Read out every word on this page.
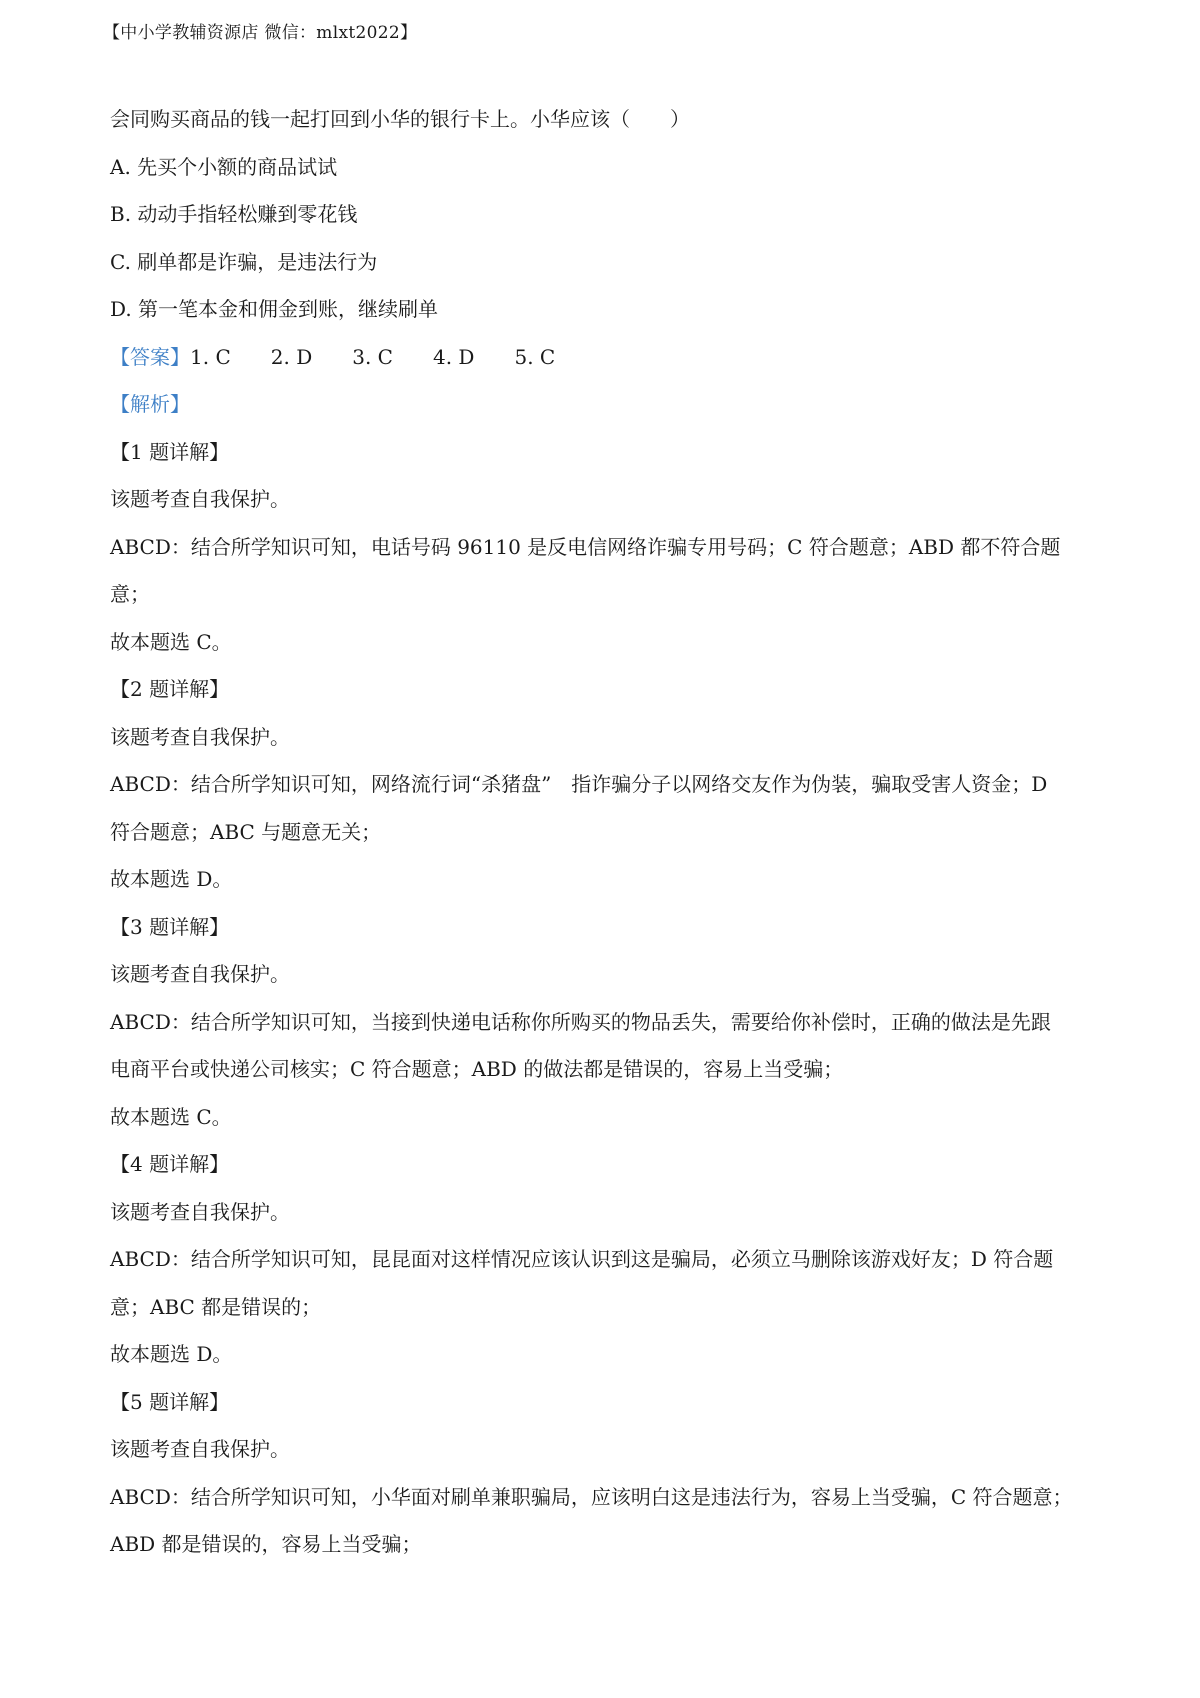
【中小学教辅资源店 微信：mlxt2022】
会同购买商品的钱一起打回到小华的银行卡上。小华应该（　　）
A. 先买个小额的商品试试
B. 动动手指轻松赚到零花钱
C. 刷单都是诈骗，是违法行为
D. 第一笔本金和佣金到账，继续刷单
【答案】1. C 2. D 3. C 4. D 5. C
【解析】
【1 题详解】
该题考查自我保护。
ABCD：结合所学知识可知，电话号码 96110 是反电信网络诈骗专用号码；C 符合题意；ABD 都不符合题
意；
故本题选 C。
【2 题详解】
该题考查自我保护。
ABCD：结合所学知识可知，网络流行词“杀猪盘”　指诈骗分子以网络交友作为伪装，骗取受害人资金；D
符合题意；ABC 与题意无关；
故本题选 D。
【3 题详解】
该题考查自我保护。
ABCD：结合所学知识可知，当接到快递电话称你所购买的物品丢失，需要给你补偿时，正确的做法是先跟
电商平台或快递公司核实；C 符合题意；ABD 的做法都是错误的，容易上当受骗；
故本题选 C。
【4 题详解】
该题考查自我保护。
ABCD：结合所学知识可知，昆昆面对这样情况应该认识到这是骗局，必须立马删除该游戏好友；D 符合题
意；ABC 都是错误的；
故本题选 D。
【5 题详解】
该题考查自我保护。
ABCD：结合所学知识可知，小华面对刷单兼职骗局，应该明白这是违法行为，容易上当受骗，C 符合题意；
ABD 都是错误的，容易上当受骗；
